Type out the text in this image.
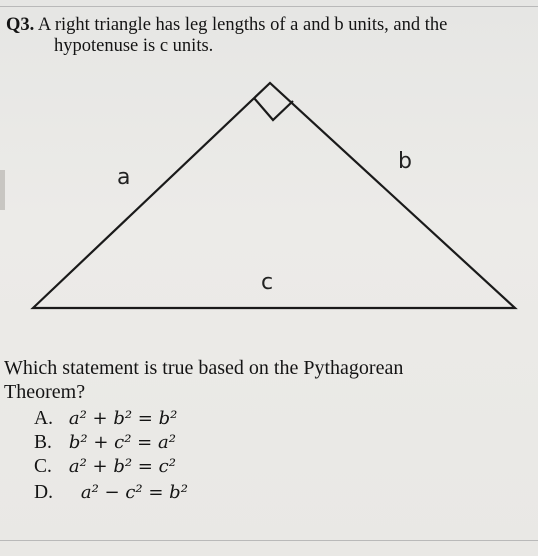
Q3. A right triangle has leg lengths of a and b units, and the
hypotenuse is c units.
a
b
c
Which statement is true based on the Pythagorean
Theorem?
A. a² + b² = b²
B. b² + c² = a²
C. a² + b² = c²
D. a² − c² = b²
